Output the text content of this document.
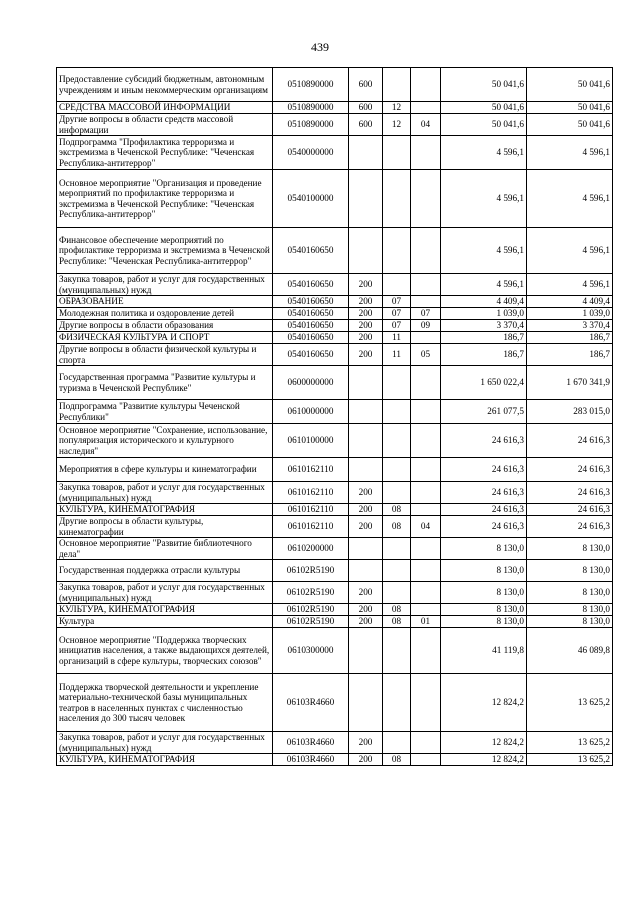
439
Предоставление субсидий бюджетным, автономным учреждениям и иным некоммерческим организациям	0510890000	600			50 041,6	50 041,6
СРЕДСТВА МАССОВОЙ ИНФОРМАЦИИ	0510890000	600	12		50 041,6	50 041,6
Другие вопросы в области средств массовой информации	0510890000	600	12	04	50 041,6	50 041,6
Подпрограмма "Профилактика терроризма и экстремизма в Чеченской Республике: "Чеченская Республика-антитеррор"	0540000000				4 596,1	4 596,1
Основное мероприятие "Организация и проведение мероприятий по профилактике терроризма и экстремизма в Чеченской Республике: "Чеченская Республика-антитеррор"	0540100000				4 596,1	4 596,1
Финансовое обеспечение мероприятий по профилактике терроризма и экстремизма в Чеченской Республике: "Чеченская Республика-антитеррор"	0540160650				4 596,1	4 596,1
Закупка товаров, работ и услуг для государственных (муниципальных) нужд	0540160650	200			4 596,1	4 596,1
ОБРАЗОВАНИЕ	0540160650	200	07		4 409,4	4 409,4
Молодежная политика и оздоровление детей	0540160650	200	07	07	1 039,0	1 039,0
Другие вопросы в области образования	0540160650	200	07	09	3 370,4	3 370,4
ФИЗИЧЕСКАЯ КУЛЬТУРА И СПОРТ	0540160650	200	11		186,7	186,7
Другие вопросы в области физической культуры и спорта	0540160650	200	11	05	186,7	186,7
Государственная программа "Развитие культуры и туризма в Чеченской Республике"	0600000000				1 650 022,4	1 670 341,9
Подпрограмма "Развитие культуры Чеченской Республики"	0610000000				261 077,5	283 015,0
Основное мероприятие "Сохранение, использование, популяризация исторического и культурного наследия"	0610100000				24 616,3	24 616,3
Мероприятия в сфере культуры и кинематографии	0610162110				24 616,3	24 616,3
Закупка товаров, работ и услуг для государственных (муниципальных) нужд	0610162110	200			24 616,3	24 616,3
КУЛЬТУРА, КИНЕМАТОГРАФИЯ	0610162110	200	08		24 616,3	24 616,3
Другие вопросы в области культуры, кинематографии	0610162110	200	08	04	24 616,3	24 616,3
Основное мероприятие "Развитие библиотечного дела"	0610200000				8 130,0	8 130,0
Государственная поддержка отрасли культуры	06102R5190				8 130,0	8 130,0
Закупка товаров, работ и услуг для государственных (муниципальных) нужд	06102R5190	200			8 130,0	8 130,0
КУЛЬТУРА, КИНЕМАТОГРАФИЯ	06102R5190	200	08		8 130,0	8 130,0
Культура	06102R5190	200	08	01	8 130,0	8 130,0
Основное мероприятие "Поддержка творческих инициатив населения, а также выдающихся деятелей, организаций в сфере культуры, творческих союзов"	0610300000				41 119,8	46 089,8
Поддержка творческой деятельности и укрепление материально-технической базы муниципальных театров в населенных пунктах с численностью населения до 300 тысяч человек	06103R4660				12 824,2	13 625,2
Закупка товаров, работ и услуг для государственных (муниципальных) нужд	06103R4660	200			12 824,2	13 625,2
КУЛЬТУРА, КИНЕМАТОГРАФИЯ	06103R4660	200	08		12 824,2	13 625,2
